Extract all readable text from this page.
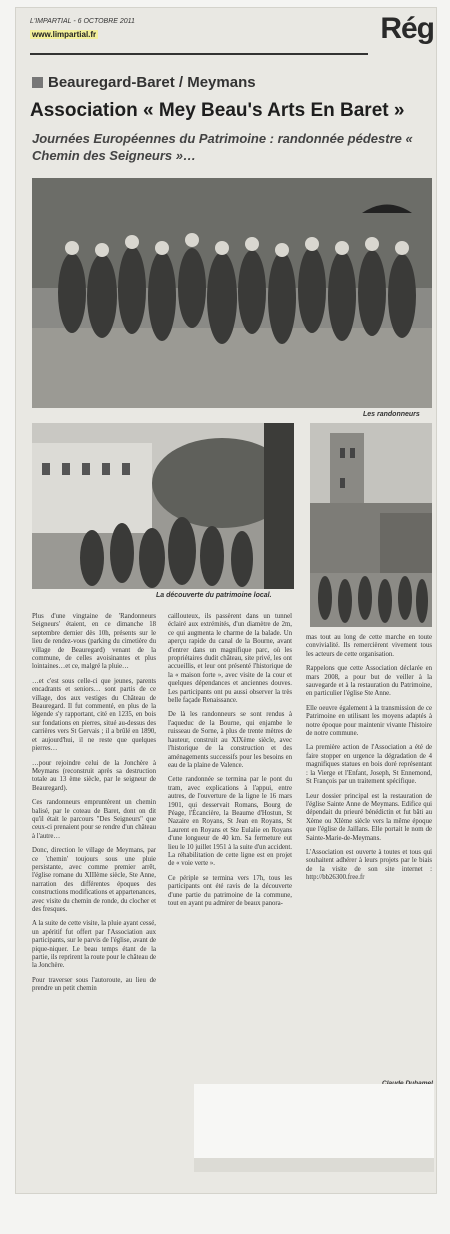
L'IMPARTIAL - 6 OCTOBRE 2011
www.limpartial.fr	Rég
Beauregard-Baret / Meymans
Association « Mey Beau's Arts En Baret »
Journées Européennes du Patrimoine : randonnée pédestre « Chemin des Seigneurs »…
Les randonneurs
La découverte du patrimoine local.

Plus d'une vingtaine de 'Randonneurs Seigneurs' étaient, en ce dimanche 18 septembre dernier dès 10h, présents sur le lieu de rendez-vous (parking du cimetière du village de Beauregard) venant de la commune, de celles avoisinantes et plus lointaines…et ce, malgré la pluie…

…et c'est sous celle-ci que jeunes, parents encadrants et seniors… sont partis de ce village, dos aux vestiges du Château de Beauregard. Il fut commenté, en plus de la légende s'y rapportant, cité en 1235, en bois sur fondations en pierres, situé au-dessus des carrières vers St Gervais ; il a brûlé en 1890, et aujourd'hui, il ne reste que quelques pierres…

…pour rejoindre celui de la Jonchère à Meymans (reconstruit après sa destruction totale au 13 ème siècle, par le seigneur de Beauregard).

Ces randonneurs empruntèrent un chemin balisé, par le coteau de Baret, dont on dit qu'il était le parcours "Des Seigneurs" que ceux-ci prenaient pour se rendre d'un château à l'autre…

Donc, direction le village de Meymans, par ce 'chemin' toujours sous une pluie persistante, avec comme premier arrêt, l'église romane du XIIIème siècle, Ste Anne, narration des différentes époques des constructions modifications et appartenances, avec visite du chemin de ronde, du clocher et des fresques.

A la suite de cette visite, la pluie ayant cessé, un apéritif fut offert par l'Association aux participants, sur le parvis de l'église, avant de pique-niquer. Le beau temps étant de la partie, ils reprirent la route pour le château de la Jonchère.

Pour traverser sous l'autoroute, au lieu de prendre un petit chemin

caillouteux, ils passèrent dans un tunnel éclairé aux extrémités, d'un diamètre de 2m, ce qui augmenta le charme de la balade. Un aperçu rapide du canal de la Bourne, avant d'entrer dans un magnifique parc, où les propriétaires dudit château, site privé, les ont accueillis, et leur ont présenté l'historique de la « maison forte », avec visite de la cour et quelques dépendances et anciennes douves. Les participants ont pu aussi observer la très belle façade Renaissance.

De là les randonneurs se sont rendus à l'aqueduc de la Bourne, qui enjambe le ruisseau de Sorne, à plus de trente mètres de hauteur, construit au XIXème siècle, avec l'historique de la construction et des aménagements successifs pour les besoins en eau de la plaine de Valence.

Cette randonnée se termina par le pont du tram, avec explications à l'appui, entre autres, de l'ouverture de la ligne le 16 mars 1901, qui desservait Romans, Bourg de Péage, l'Écancière, la Beaume d'Hostun, St Nazaire en Royans, St Jean en Royans, St Laurent en Royans et Ste Eulalie en Royans d'une longueur de 40 km. Sa fermeture eut lieu le 10 juillet 1951 à la suite d'un accident. La réhabilitation de cette ligne est en projet de « voie verte ».

Ce périple se termina vers 17h, tous les participants ont été ravis de la découverte d'une partie du patrimoine de la commune, tout en ayant pu admirer de beaux panora-

mas tout au long de cette marche en toute convivialité. Ils remercièrent vivement tous les acteurs de cette organisation.

Rappelons que cette Association déclarée en mars 2008, a pour but de veiller à la sauvegarde et à la restauration du Patrimoine, en particulier l'église Ste Anne.

Elle oeuvre également à la transmission de ce Patrimoine en utilisant les moyens adaptés à notre époque pour maintenir vivante l'histoire de notre commune.

La première action de l'Association a été de faire stopper en urgence la dégradation de 4 magnifiques statues en bois doré représentant : la Vierge et l'Enfant, Joseph, St Ennemond, St François par un traitement spécifique.

Leur dossier principal est la restauration de l'église Sainte Anne de Meymans. Edifice qui dépendait du prieuré bénédictin et fut bâti au Xème ou XIème siècle vers la même époque que l'église de Jaillans. Elle portait le nom de Sainte-Marie-de-Meymans.

L'Association est ouverte à toutes et tous qui souhaitent adhérer à leurs projets par le biais de la visite de son site internet : http://bb26300.free.fr
